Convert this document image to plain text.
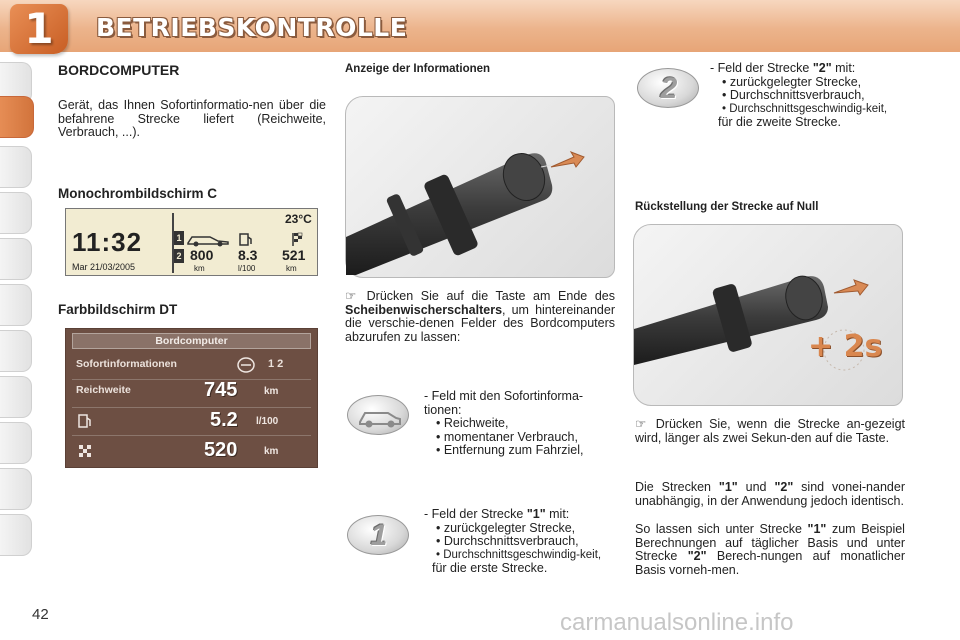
1	BETRIEBSKONTROLLE
BORDCOMPUTER
Gerät, das Ihnen Sofortinformatio-nen über die befahrene Strecke liefert (Reichweite, Verbrauch, ...).
Monochrombildschirm C
11:32
Mar 21/03/2005
1
2
23°C
800 8.3 521
km	l/100	km
Farbbildschirm DT
Bordcomputer
Sofortinformationen	1 2
Reichweite	745	km
5.2 l/100
520	km
Anzeige der Informationen
☞ Drücken Sie auf die Taste am Ende des Scheibenwischerschalters, um hintereinander die verschie-denen Felder des Bordcomputers abzurufen zu lassen:
- Feld mit den Sofortinforma-tionen:
• Reichweite,
• momentaner Verbrauch,
• Entfernung zum Fahrziel,
1
- Feld der Strecke "1" mit:
• zurückgelegter Strecke,
• Durchschnittsverbrauch,
• Durchschnittsgeschwindig-keit,
für die erste Strecke.
2
- Feld der Strecke "2" mit:
• zurückgelegter Strecke,
• Durchschnittsverbrauch,
• Durchschnittsgeschwindig-keit,
für die zweite Strecke.
Rückstellung der Strecke auf Null
+ 2s
☞ Drücken Sie, wenn die Strecke an-gezeigt wird, länger als zwei Sekun-den auf die Taste.
Die Strecken "1" und "2" sind vonei-nander unabhängig, in der Anwendung jedoch identisch.
So lassen sich unter Strecke "1" zum Beispiel Berechnungen auf täglicher Basis und unter Strecke "2" Berech-nungen auf monatlicher Basis vorneh-men.
42	carmanualsonline.info
